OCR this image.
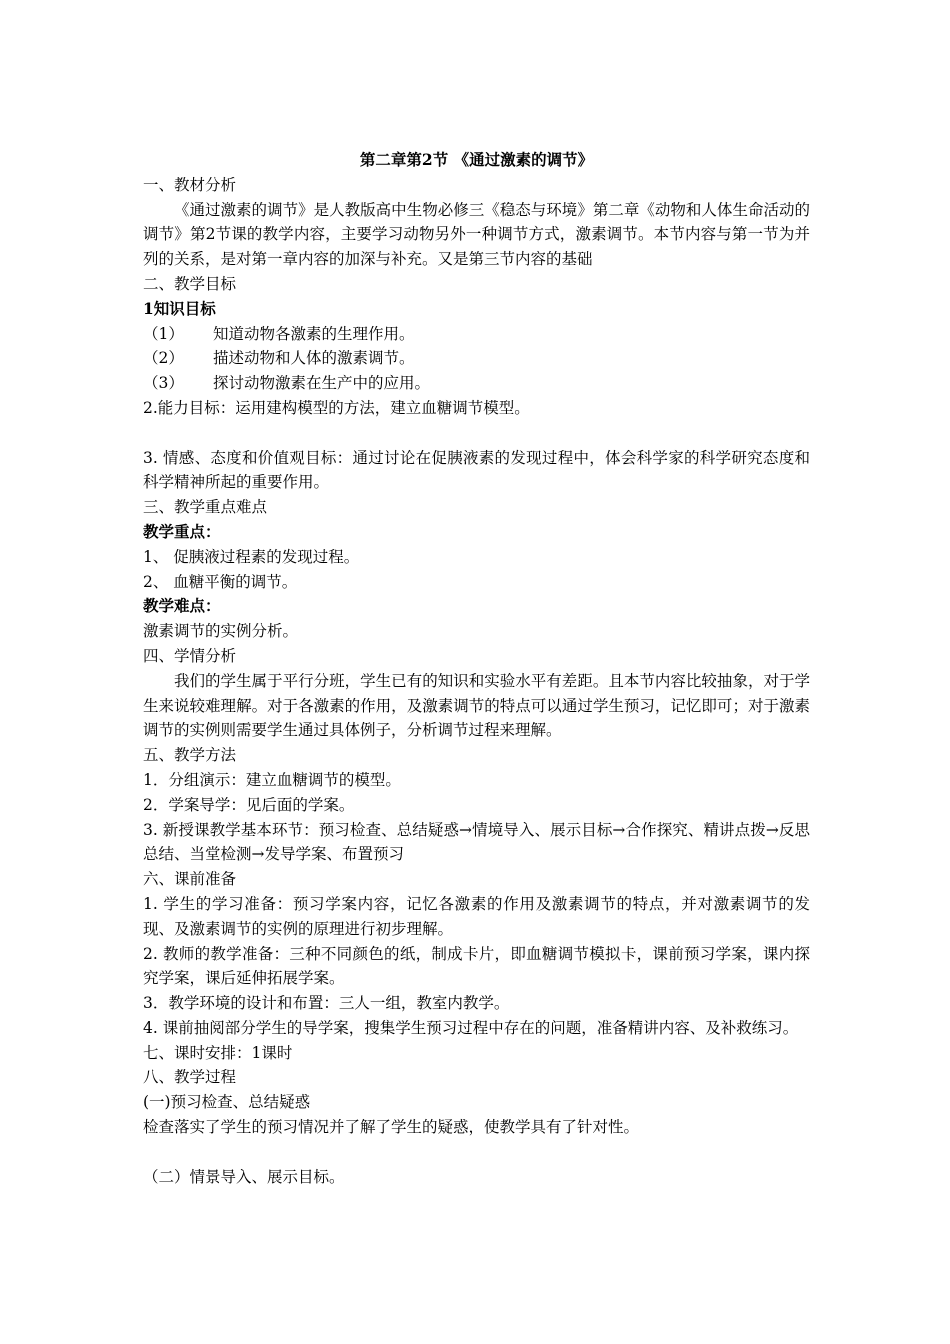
第二章第2节 《通过激素的调节》

一、教材分析

《通过激素的调节》是人教版高中生物必修三《稳态与环境》第二章《动物和人体生命活动的调节》第2节课的教学内容，主要学习动物另外一种调节方式，激素调节。本节内容与第一节为并列的关系，是对第一章内容的加深与补充。又是第三节内容的基础

二、教学目标

1知识目标

（1）	知道动物各激素的生理作用。
（2）	描述动物和人体的激素调节。
（3）	探讨动物激素在生产中的应用。

2.能力目标：运用建构模型的方法，建立血糖调节模型。

3. 情感、态度和价值观目标：通过讨论在促胰液素的发现过程中，体会科学家的科学研究态度和科学精神所起的重要作用。

三、教学重点难点

教学重点：

1、 促胰液过程素的发现过程。

2、 血糖平衡的调节。

教学难点：

激素调节的实例分析。

四、学情分析

我们的学生属于平行分班，学生已有的知识和实验水平有差距。且本节内容比较抽象，对于学生来说较难理解。对于各激素的作用，及激素调节的特点可以通过学生预习，记忆即可；对于激素调节的实例则需要学生通过具体例子，分析调节过程来理解。

五、教学方法

1．分组演示：建立血糖调节的模型。

2．学案导学：见后面的学案。

3. 新授课教学基本环节：预习检查、总结疑惑→情境导入、展示目标→合作探究、精讲点拨→反思总结、当堂检测→发导学案、布置预习

六、课前准备

1. 学生的学习准备：预习学案内容，记忆各激素的作用及激素调节的特点，并对激素调节的发现、及激素调节的实例的原理进行初步理解。

2. 教师的教学准备：三种不同颜色的纸，制成卡片，即血糖调节模拟卡，课前预习学案，课内探究学案，课后延伸拓展学案。

3．教学环境的设计和布置：三人一组，教室内教学。

4. 课前抽阅部分学生的导学案，搜集学生预习过程中存在的问题，准备精讲内容、及补救练习。

七、课时安排：1课时

八、教学过程

(一)预习检查、总结疑惑

检查落实了学生的预习情况并了解了学生的疑惑，使教学具有了针对性。

（二）情景导入、展示目标。
